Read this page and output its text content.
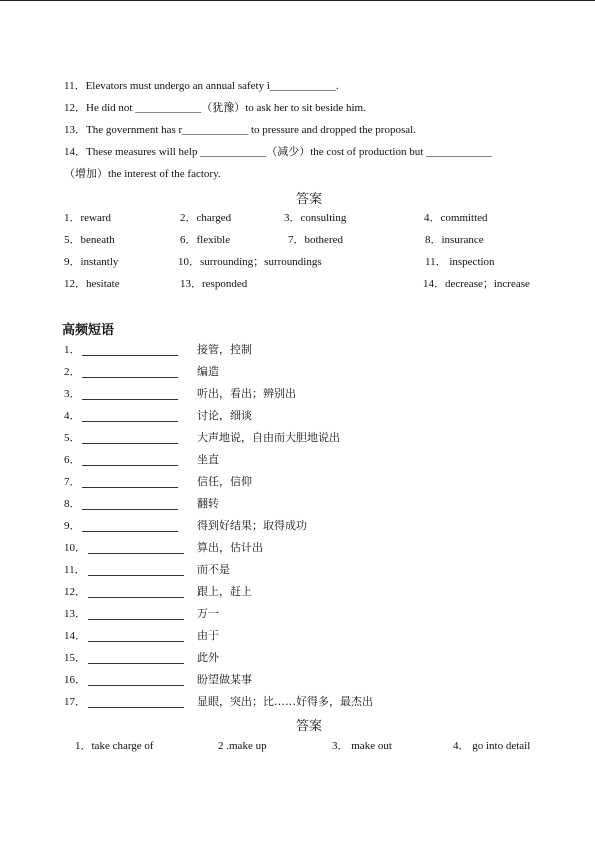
11．Elevators must undergo an annual safety i____________.
12．He did not ____________（犹豫）to ask her to sit beside him.
13．The government has r____________ to pressure and dropped the proposal.
14．These measures will help ____________（减少）the cost of production but ____________
（增加）the interest of the factory.
答案
1．reward	2．charged	3．consulting	4．committed
5．beneath	6．flexible	7．bothered	8．insurance
9．instantly	10．surrounding；surroundings	11． inspection
12．hesitate	13．responded	14．decrease；increase
高频短语
1．	接管，控制
2．	编造
3．	听出，看出；辨别出
4．	讨论，细谈
5．	大声地说，自由而大胆地说出
6．	坐直
7．	信任，信仰
8．	翻转
9．	得到好结果；取得成功
10．	算出，估计出
11．	而不是
12．	跟上，赶上
13．	万一
14．	由于
15．	此外
16．	盼望做某事
17．	显眼，突出；比……好得多，最杰出
答案
1．take charge of	2 .make up	3． make out	4． go into detail
